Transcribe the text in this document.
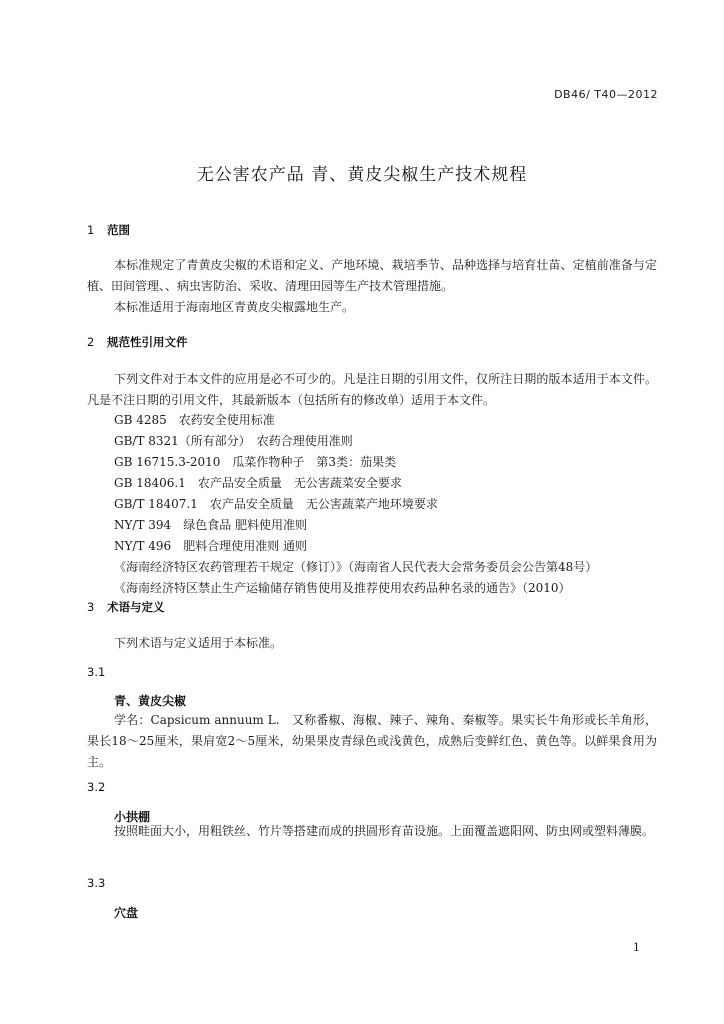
DB46/ T40—2012
无公害农产品 青、黄皮尖椒生产技术规程
1 范围

本标准规定了青黄皮尖椒的术语和定义、产地环境、栽培季节、品种选择与培育壮苗、定植前准备与定植、田间管理、、病虫害防治、采收、清理田园等生产技术管理措施。

本标准适用于海南地区青黄皮尖椒露地生产。

2 规范性引用文件

下列文件对于本文件的应用是必不可少的。凡是注日期的引用文件，仅所注日期的版本适用于本文件。凡是不注日期的引用文件，其最新版本（包括所有的修改单）适用于本文件。

GB 4285　农药安全使用标准
GB/T 8321（所有部分）　农药合理使用准则
GB 16715.3-2010　瓜菜作物种子　第3类：茄果类
GB 18406.1　农产品安全质量　无公害蔬菜安全要求
GB/T 18407.1　农产品安全质量　无公害蔬菜产地环境要求
NY/T 394　绿色食品 肥料使用准则
NY/T 496　肥料合理使用准则 通则
《海南经济特区农药管理若干规定（修订）》（海南省人民代表大会常务委员会公告第48号）
《海南经济特区禁止生产运输储存销售使用及推荐使用农药品种名录的通告》（2010）
3 术语与定义

下列术语与定义适用于本标准。

3.1
青、黄皮尖椒

学名：Capsicum annuum L.　又称番椒、海椒、辣子、辣角、秦椒等。果实长牛角形或长羊角形，果长18～25厘米，果肩宽2～5厘米，幼果果皮青绿色或浅黄色，成熟后变鲜红色、黄色等。以鲜果食用为主。

3.2
小拱棚

按照畦面大小，用粗铁丝、竹片等搭建而成的拱圆形育苗设施。上面覆盖遮阳网、防虫网或塑料薄膜。

3.3
穴盘
1
